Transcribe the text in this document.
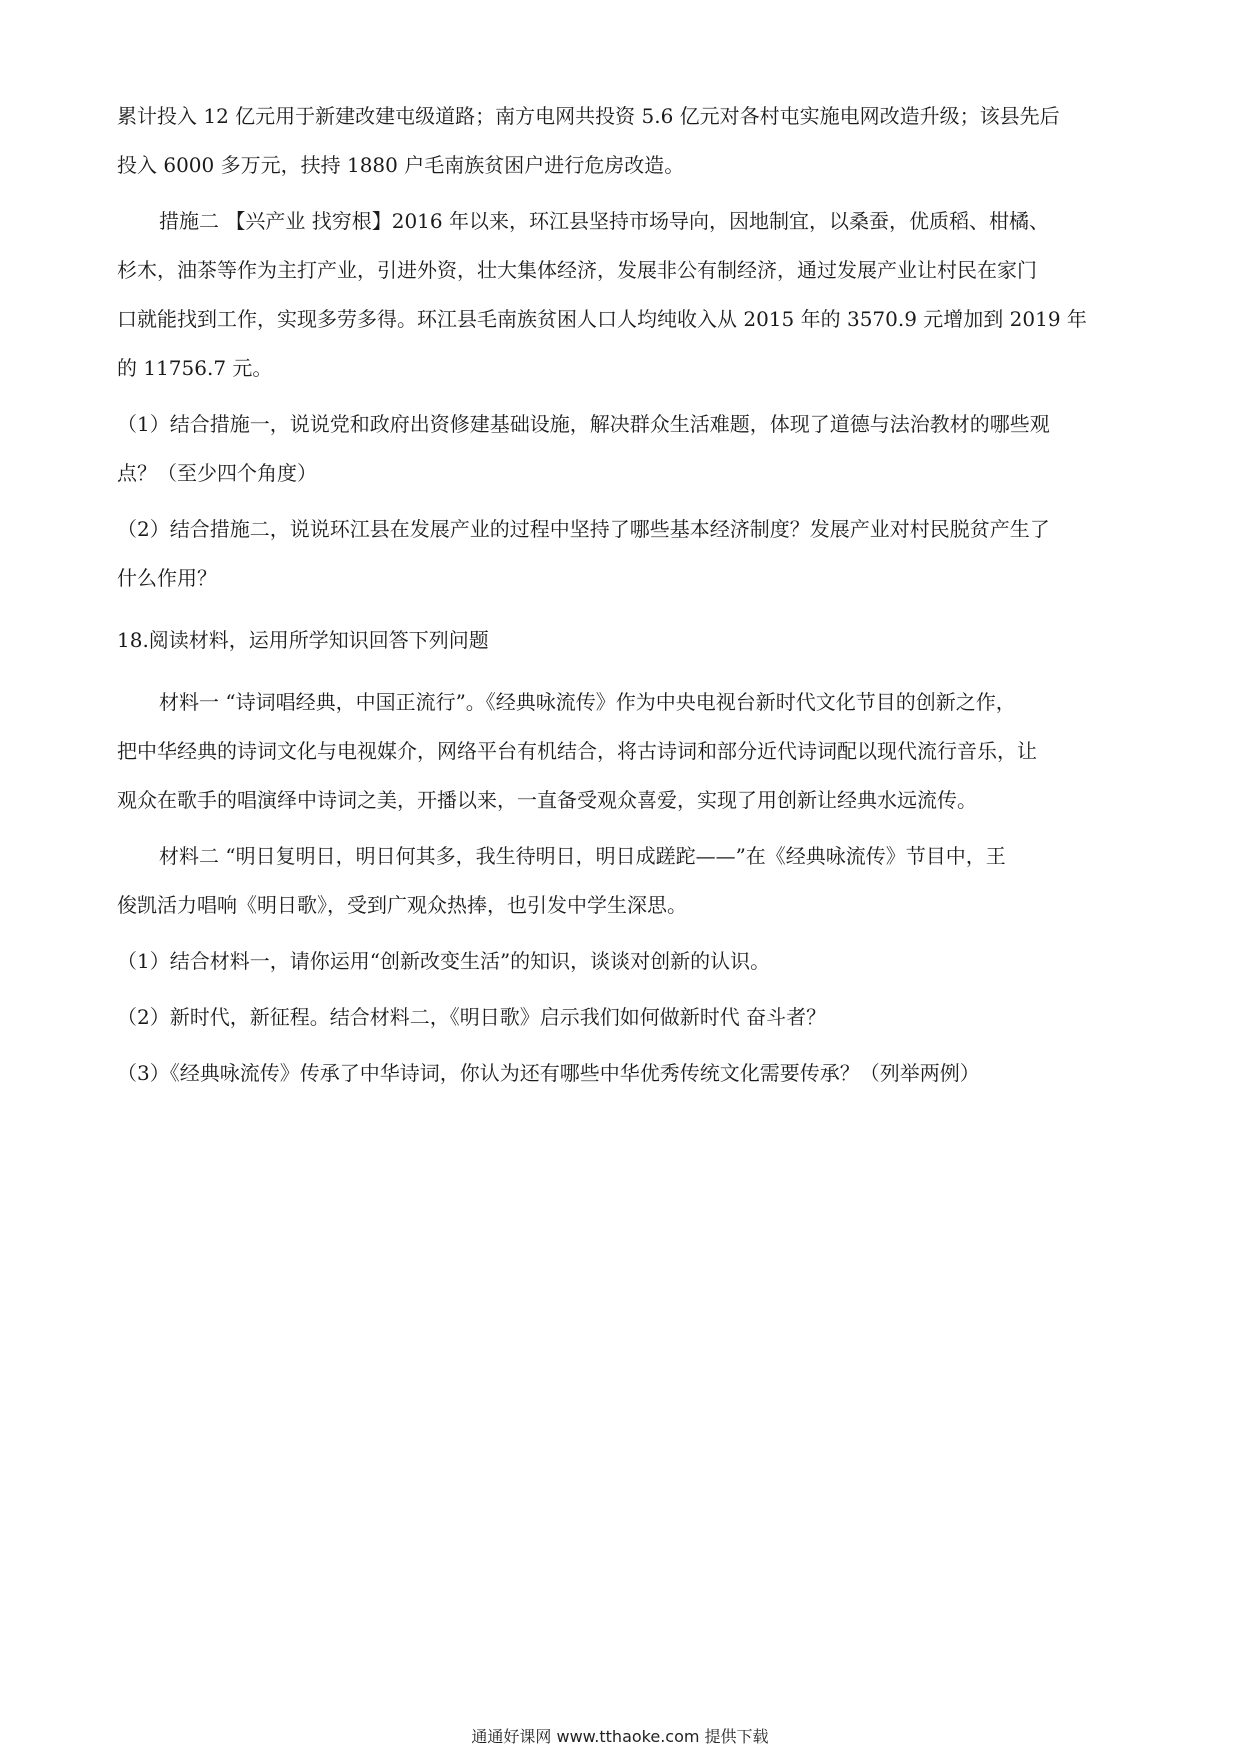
累计投入 12 亿元用于新建改建屯级道路；南方电网共投资 5.6 亿元对各村屯实施电网改造升级；该县先后
投入 6000 多万元，扶持 1880 户毛南族贫困户进行危房改造。
措施二 【兴产业 找穷根】2016 年以来，环江县坚持市场导向，因地制宜，以桑蚕，优质稻、柑橘、
杉木，油茶等作为主打产业，引进外资，壮大集体经济，发展非公有制经济，通过发展产业让村民在家门
口就能找到工作，实现多劳多得。环江县毛南族贫困人口人均纯收入从 2015 年的 3570.9 元增加到 2019 年
的 11756.7 元。
（1）结合措施一，说说党和政府出资修建基础设施，解决群众生活难题，体现了道德与法治教材的哪些观
点？（至少四个角度）
（2）结合措施二，说说环江县在发展产业的过程中坚持了哪些基本经济制度？发展产业对村民脱贫产生了
什么作用？
18.阅读材料，运用所学知识回答下列问题
材料一 “诗词唱经典，中国正流行”。《经典咏流传》作为中央电视台新时代文化节目的创新之作，
把中华经典的诗词文化与电视媒介，网络平台有机结合，将古诗词和部分近代诗词配以现代流行音乐，让
观众在歌手的唱演绎中诗词之美，开播以来，一直备受观众喜爱，实现了用创新让经典水远流传。
材料二 “明日复明日，明日何其多，我生待明日，明日成蹉跎——”在《经典咏流传》节目中，王
俊凯活力唱响《明日歌》，受到广观众热捧，也引发中学生深思。
（1）结合材料一，请你运用“创新改变生活”的知识，谈谈对创新的认识。
（2）新时代，新征程。结合材料二，《明日歌》启示我们如何做新时代 奋斗者？
（3）《经典咏流传》传承了中华诗词，你认为还有哪些中华优秀传统文化需要传承？（列举两例）
通通好课网 www.tthaoke.com 提供下载
